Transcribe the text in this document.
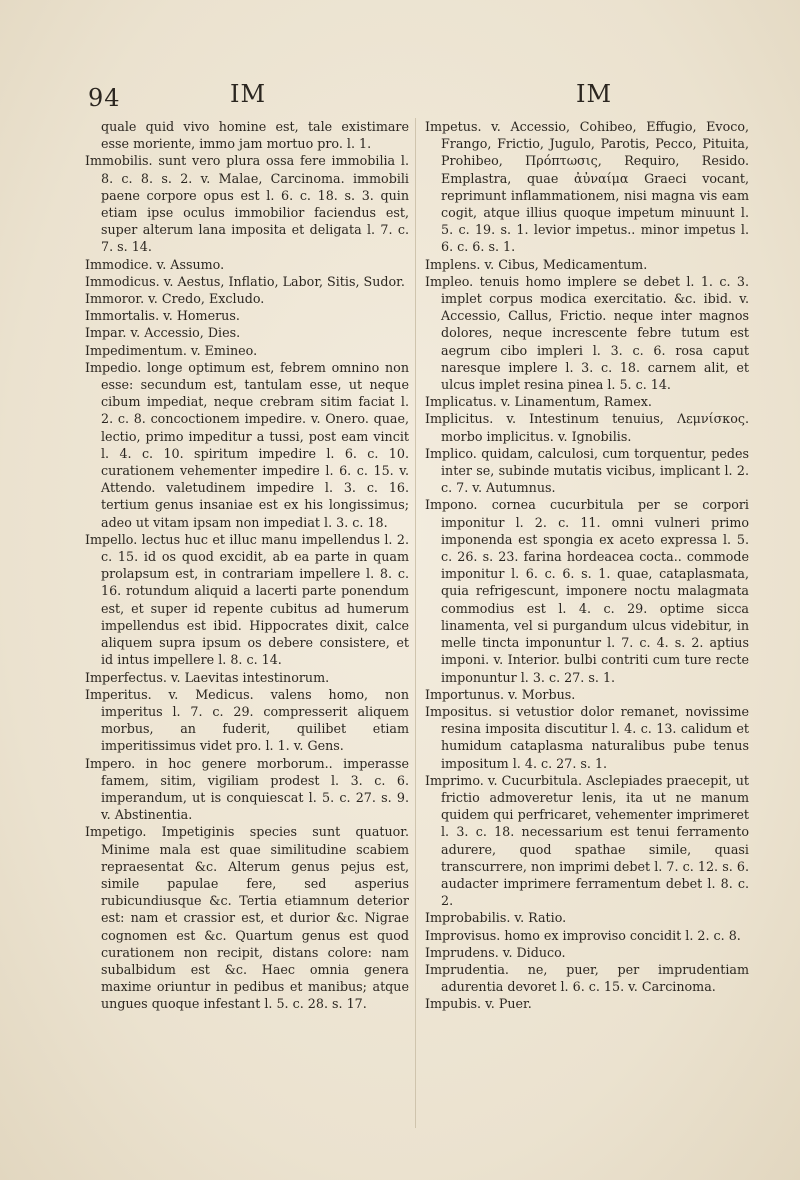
94	IM	IM
quale quid vivo homine est, tale existimare esse moriente, immo jam mortuo pro. l. 1.
Immobilis. sunt vero plura ossa fere immobilia l. 8. c. 8. s. 2. v. Malae, Carcinoma. immobili paene corpore opus est l. 6. c. 18. s. 3. quin etiam ipse oculus immobilior faciendus est, super alterum lana imposita et deligata l. 7. c. 7. s. 14.
Immodice. v. Assumo.
Immodicus. v. Aestus, Inflatio, Labor, Sitis, Sudor.
Immoror. v. Credo, Excludo.
Immortalis. v. Homerus.
Impar. v. Accessio, Dies.
Impedimentum. v. Emineo.
Impedio. longe optimum est, febrem omnino non esse: secundum est, tantulam esse, ut neque cibum impediat, neque crebram sitim faciat l. 2. c. 8. concoctionem impedire. v. Onero. quae, lectio, primo impeditur a tussi, post eam vincit l. 4. c. 10. spiritum impedire l. 6. c. 10. curationem vehementer impedire l. 6. c. 15. v. Attendo. valetudinem impedire l. 3. c. 16. tertium genus insaniae est ex his longissimus; adeo ut vitam ipsam non impediat l. 3. c. 18.
Impello. lectus huc et illuc manu impellendus l. 2. c. 15. id os quod excidit, ab ea parte in quam prolapsum est, in contrariam impellere l. 8. c. 16. rotundum aliquid a lacerti parte ponendum est, et super id repente cubitus ad humerum impellendus est ibid. Hippocrates dixit, calce aliquem supra ipsum os debere consistere, et id intus impellere l. 8. c. 14.
Imperfectus. v. Laevitas intestinorum.
Imperitus. v. Medicus. valens homo, non imperitus l. 7. c. 29. compresserit aliquem morbus, an fuderit, quilibet etiam imperitissimus videt pro. l. 1. v. Gens.
Impero. in hoc genere morborum.. imperasse famem, sitim, vigiliam prodest l. 3. c. 6. imperandum, ut is conquiescat l. 5. c. 27. s. 9. v. Abstinentia.
Impetigo. Impetiginis species sunt quatuor. Minime mala est quae similitudine scabiem repraesentat &c. Alterum genus pejus est, simile papulae fere, sed asperius rubicundiusque &c. Tertia etiamnum deterior est: nam et crassior est, et durior &c. Nigrae cognomen est &c. Quartum genus est quod curationem non recipit, distans colore: nam subalbidum est &c. Haec omnia genera maxime oriuntur in pedibus et manibus; atque ungues quoque infestant l. 5. c. 28. s. 17.
Impetus. v. Accessio, Cohibeo, Effugio, Evoco, Frango, Frictio, Jugulo, Parotis, Pecco, Pituita, Prohibeo, Πρόπτωσις, Requiro, Resido. Emplastra, quae ἀὐναίμα Graeci vocant, reprimunt inflammationem, nisi magna vis eam cogit, atque illius quoque impetum minuunt l. 5. c. 19. s. 1. levior impetus.. minor impetus l. 6. c. 6. s. 1.
Implens. v. Cibus, Medicamentum.
Impleo. tenuis homo implere se debet l. 1. c. 3. implet corpus modica exercitatio. &c. ibid. v. Accessio, Callus, Frictio. neque inter magnos dolores, neque increscente febre tutum est aegrum cibo impleri l. 3. c. 6. rosa caput naresque implere l. 3. c. 18. carnem alit, et ulcus implet resina pinea l. 5. c. 14.
Implicatus. v. Linamentum, Ramex.
Implicitus. v. Intestinum tenuius, Λεμνίσκος. morbo implicitus. v. Ignobilis.
Implico. quidam, calculosi, cum torquentur, pedes inter se, subinde mutatis vicibus, implicant l. 2. c. 7. v. Autumnus.
Impono. cornea cucurbitula per se corpori imponitur l. 2. c. 11. omni vulneri primo imponenda est spongia ex aceto expressa l. 5. c. 26. s. 23. farina hordeacea cocta.. commode imponitur l. 6. c. 6. s. 1. quae, cataplasmata, quia refrigescunt, imponere noctu malagmata commodius est l. 4. c. 29. optime sicca linamenta, vel si purgandum ulcus videbitur, in melle tincta imponuntur l. 7. c. 4. s. 2. aptius imponi. v. Interior. bulbi contriti cum ture recte imponuntur l. 3. c. 27. s. 1.
Importunus. v. Morbus.
Impositus. si vetustior dolor remanet, novissime resina imposita discutitur l. 4. c. 13. calidum et humidum cataplasma naturalibus pube tenus impositum l. 4. c. 27. s. 1.
Imprimo. v. Cucurbitula. Asclepiades praecepit, ut frictio admoveretur lenis, ita ut ne manum quidem qui perfricaret, vehementer imprimeret l. 3. c. 18. necessarium est tenui ferramento adurere, quod spathae simile, quasi transcurrere, non imprimi debet l. 7. c. 12. s. 6. audacter imprimere ferramentum debet l. 8. c. 2.
Improbabilis. v. Ratio.
Improvisus. homo ex improviso concidit l. 2. c. 8.
Imprudens. v. Diduco.
Imprudentia. ne, puer, per imprudentiam adurentia devoret l. 6. c. 15. v. Carcinoma.
Impubis. v. Puer.
